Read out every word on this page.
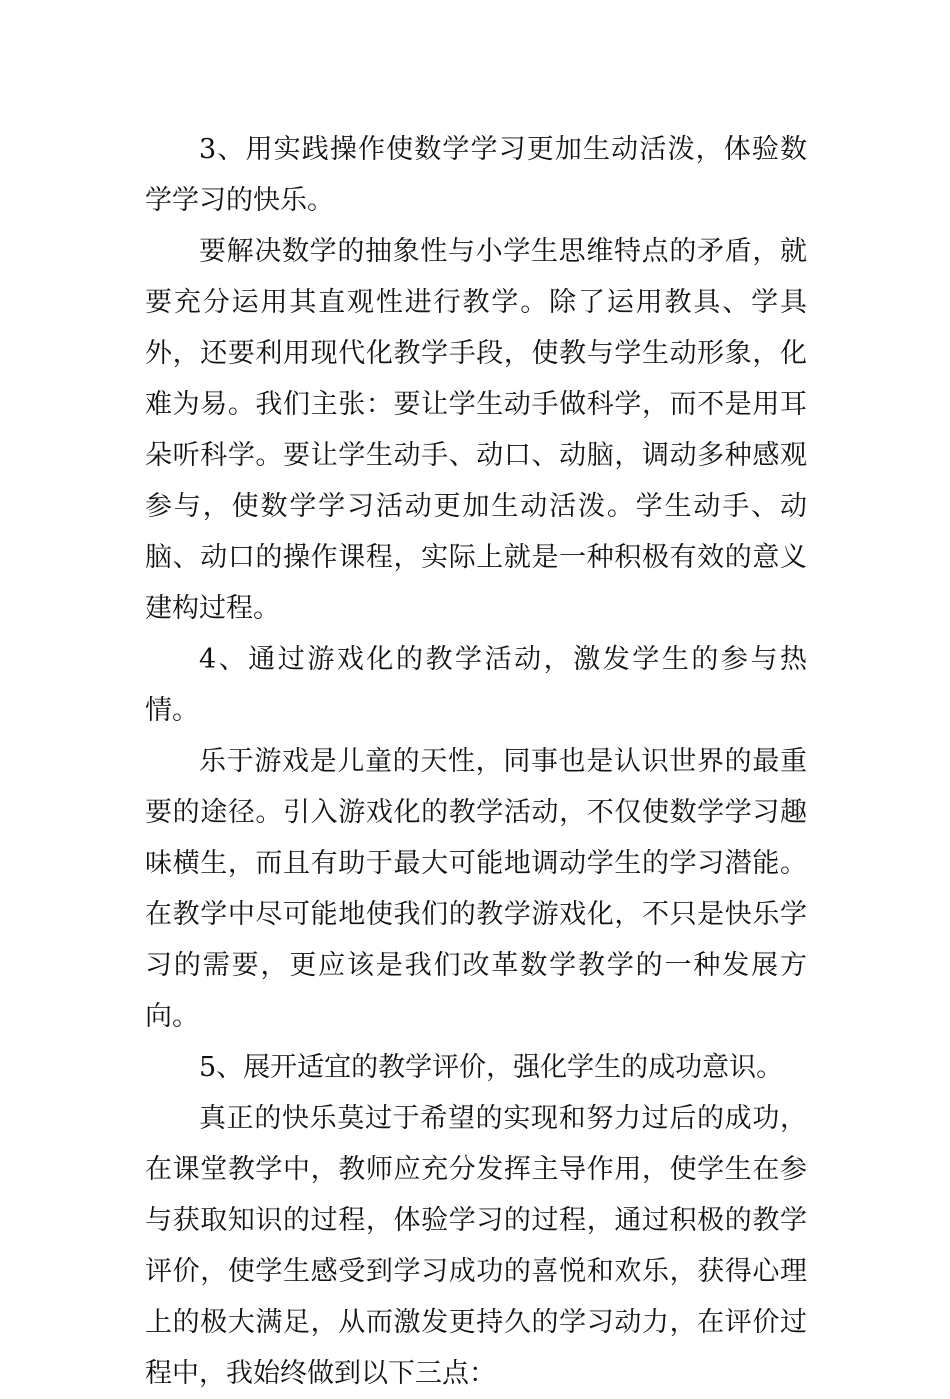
3、用实践操作使数学学习更加生动活泼，体验数学学习的快乐。

要解决数学的抽象性与小学生思维特点的矛盾，就要充分运用其直观性进行教学。除了运用教具、学具外，还要利用现代化教学手段，使教与学生动形象，化难为易。我们主张：要让学生动手做科学，而不是用耳朵听科学。要让学生动手、动口、动脑，调动多种感观参与，使数学学习活动更加生动活泼。学生动手、动脑、动口的操作课程，实际上就是一种积极有效的意义建构过程。

4、通过游戏化的教学活动，激发学生的参与热情。

乐于游戏是儿童的天性，同事也是认识世界的最重要的途径。引入游戏化的教学活动，不仅使数学学习趣味横生，而且有助于最大可能地调动学生的学习潜能。在教学中尽可能地使我们的教学游戏化，不只是快乐学习的需要，更应该是我们改革数学教学的一种发展方向。

5、展开适宜的教学评价，强化学生的成功意识。

真正的快乐莫过于希望的实现和努力过后的成功，在课堂教学中，教师应充分发挥主导作用，使学生在参与获取知识的过程，体验学习的过程，通过积极的教学评价，使学生感受到学习成功的喜悦和欢乐，获得心理上的极大满足，从而激发更持久的学习动力，在评价过程中，我始终做到以下三点：
